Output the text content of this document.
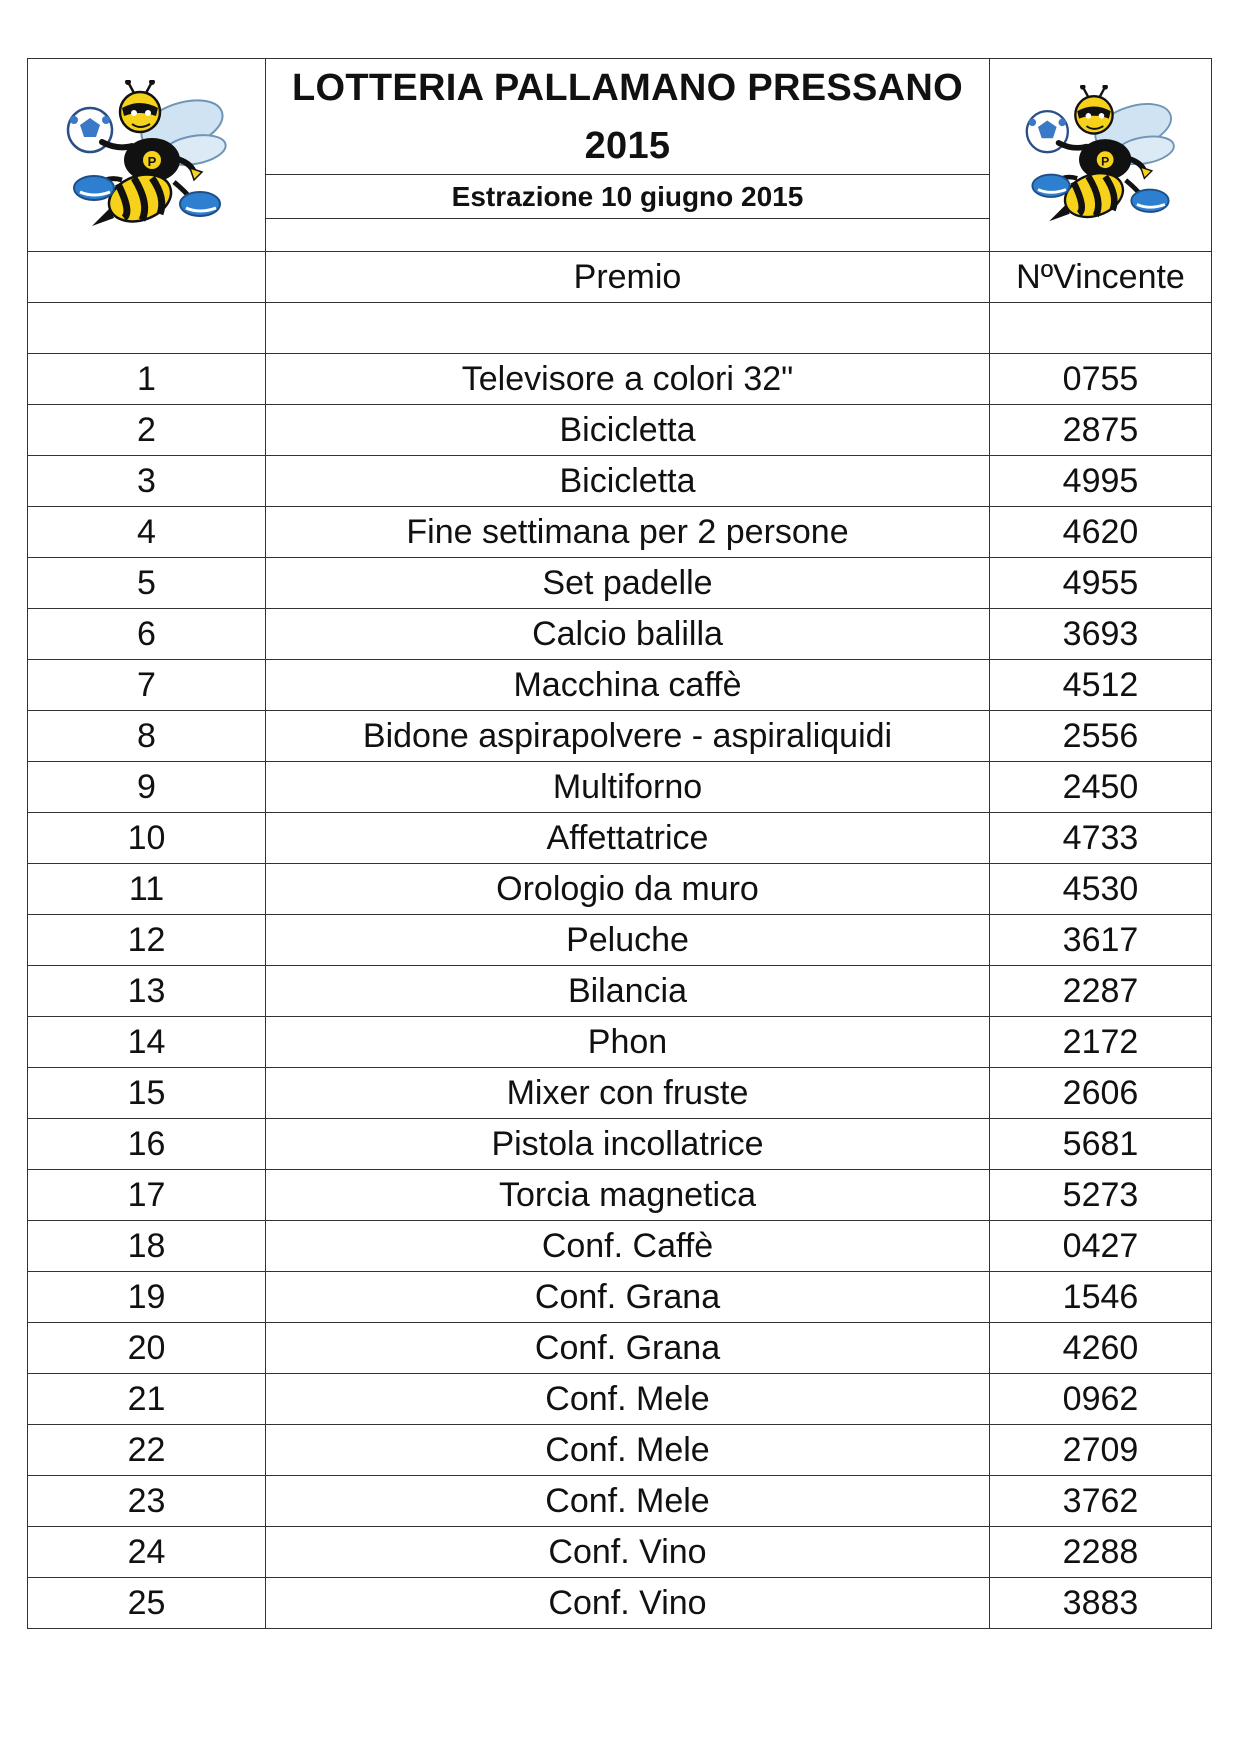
P	LOTTERIA PALLAMANO PRESSANO
2015
Estrazione 10 giugno 2015	P

	Premio	NºVincente

1	Televisore a colori 32"	0755
2	Bicicletta	2875
3	Bicicletta	4995
4	Fine settimana per 2 persone	4620
5	Set padelle	4955
6	Calcio balilla	3693
7	Macchina caffè	4512
8	Bidone aspirapolvere - aspiraliquidi	2556
9	Multiforno	2450
10	Affettatrice	4733
11	Orologio da muro	4530
12	Peluche	3617
13	Bilancia	2287
14	Phon	2172
15	Mixer con fruste	2606
16	Pistola incollatrice	5681
17	Torcia magnetica	5273
18	Conf. Caffè	0427
19	Conf. Grana	1546
20	Conf. Grana	4260
21	Conf. Mele	0962
22	Conf. Mele	2709
23	Conf. Mele	3762
24	Conf. Vino	2288
25	Conf. Vino	3883
